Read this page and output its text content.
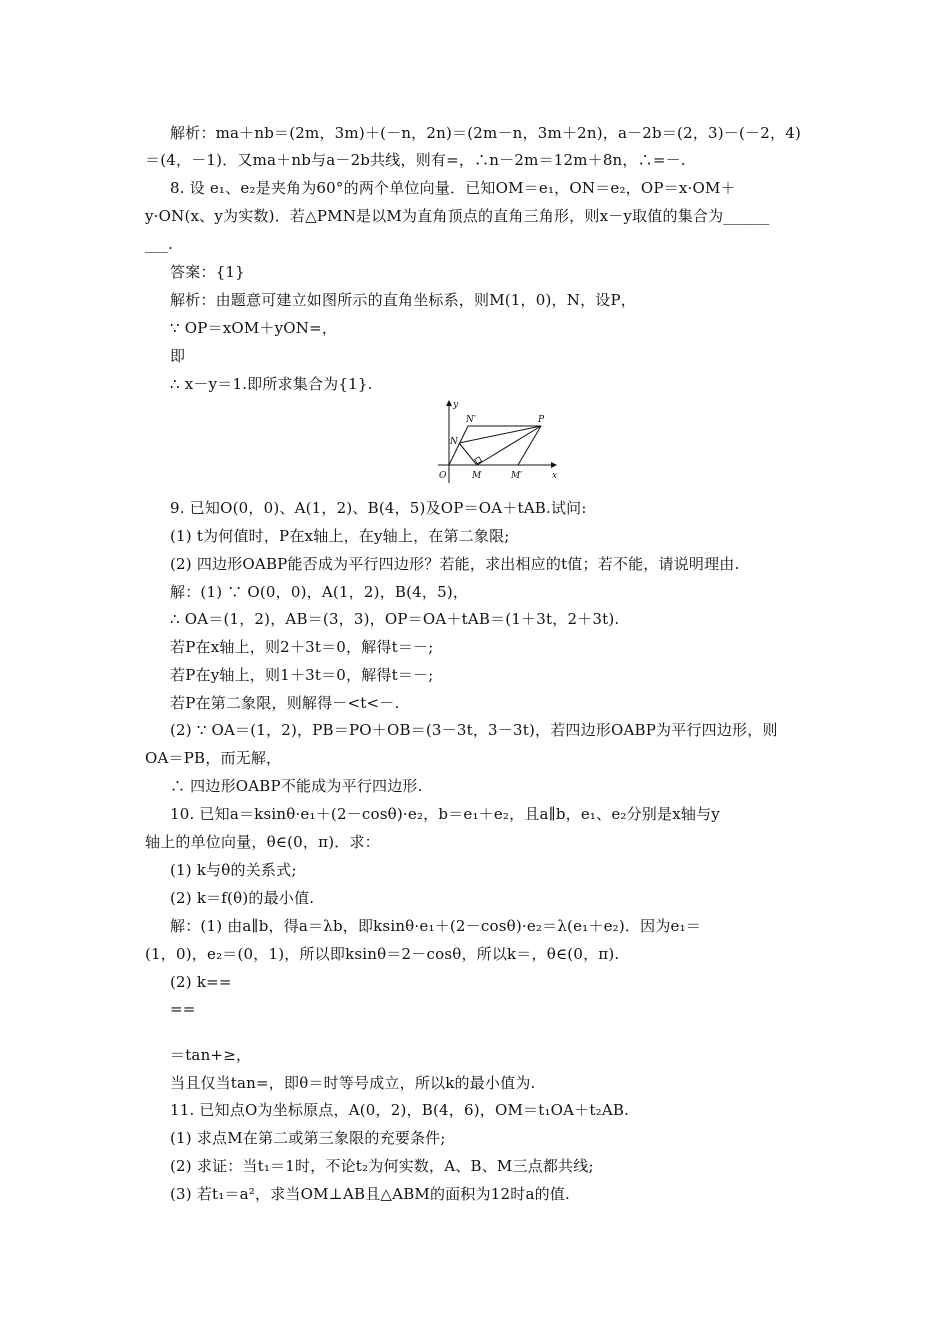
解析：ma＋nb＝(2m，3m)＋(－n，2n)＝(2m－n，3m＋2n)，a－2b＝(2，3)－(－2，4)
＝(4，－1)．又ma＋nb与a－2b共线，则有=，∴n－2m＝12m＋8n，∴=－.
8. 设 e₁、e₂是夹角为60°的两个单位向量．已知OM＝e₁，ON＝e₂，OP＝x·OM＋
y·ON(x、y为实数)．若△PMN是以M为直角顶点的直角三角形，则x－y取值的集合为______
___.
答案：{1}
解析：由题意可建立如图所示的直角坐标系，则M(1，0)，N，设P，
∵ OP＝xOM＋yON=，
即
∴ x－y＝1.即所求集合为{1}.
y
x
O	M	M′
N
N′	P
9. 已知O(0，0)、A(1，2)、B(4，5)及OP＝OA＋tAB.试问:
(1) t为何值时，P在x轴上，在y轴上，在第二象限;
(2) 四边形OABP能否成为平行四边形？若能，求出相应的t值；若不能，请说明理由.
解：(1) ∵ O(0，0)，A(1，2)，B(4，5)，
∴ OA＝(1，2)，AB＝(3，3)，OP＝OA＋tAB＝(1＋3t，2＋3t).
若P在x轴上，则2＋3t＝0，解得t＝－;
若P在y轴上，则1＋3t＝0，解得t＝－;
若P在第二象限，则解得－<t<－.
(2) ∵ OA＝(1，2)，PB＝PO＋OB＝(3－3t，3－3t)，若四边形OABP为平行四边形，则
OA＝PB，而无解，
∴ 四边形OABP不能成为平行四边形.
10. 已知a＝ksinθ·e₁＋(2－cosθ)·e₂，b＝e₁＋e₂，且a∥b，e₁、e₂分别是x轴与y
轴上的单位向量，θ∈(0，π)．求：
(1) k与θ的关系式;
(2) k＝f(θ)的最小值.
解：(1) 由a∥b，得a＝λb，即ksinθ·e₁＋(2－cosθ)·e₂＝λ(e₁＋e₂)．因为e₁＝
(1，0)，e₂＝(0，1)，所以即ksinθ＝2－cosθ，所以k＝，θ∈(0，π).
(2) k==
==
＝tan+≥，
当且仅当tan=，即θ＝时等号成立，所以k的最小值为.
11. 已知点O为坐标原点，A(0，2)，B(4，6)，OM＝t₁OA＋t₂AB.
(1) 求点M在第二或第三象限的充要条件;
(2) 求证：当t₁＝1时，不论t₂为何实数，A、B、M三点都共线;
(3) 若t₁＝a²，求当OM⊥AB且△ABM的面积为12时a的值.
